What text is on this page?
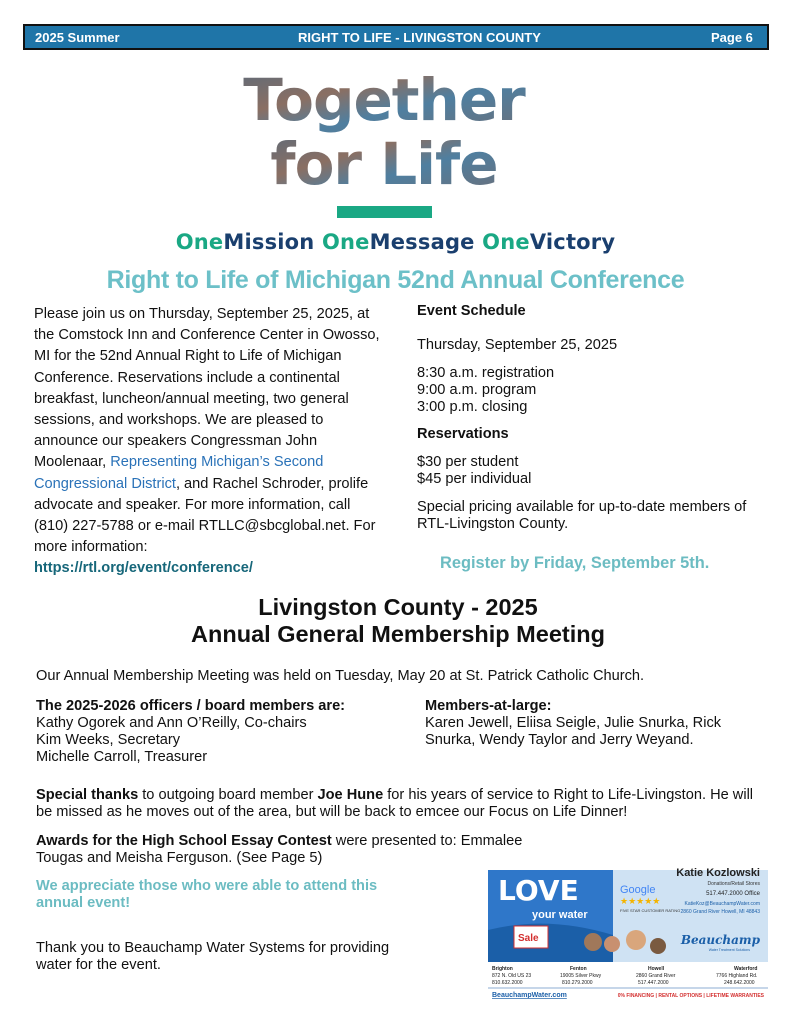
2025 Summer	RIGHT TO LIFE - LIVINGSTON COUNTY	Page 6
Together
for Life
OneMission OneMessage OneVictory
Right to Life of Michigan 52nd Annual Conference
Please join us on Thursday, September 25, 2025, at the Comstock Inn and Conference Center in Owosso, MI for the 52nd Annual Right to Life of Michigan Conference. Reservations include a continental breakfast, luncheon/annual meeting, two general sessions, and workshops. We are pleased to announce our speakers Congressman John Moolenaar, Representing Michigan’s Second Congressional District, and Rachel Schroder, prolife advocate and speaker. For more information, call (810) 227-5788 or e-mail RTLLC@sbcglobal.net. For more information:
https://rtl.org/event/conference/
Event Schedule
Thursday, September 25, 2025
8:30 a.m. registration
9:00 a.m. program
3:00 p.m. closing
Reservations
$30 per student
$45 per individual
Special pricing available for up-to-date members of RTL-Livingston County.
Register by Friday, September 5th.
Livingston County - 2025
Annual General Membership Meeting
Our Annual Membership Meeting was held on Tuesday, May 20 at St. Patrick Catholic Church.
The 2025-2026 officers / board members are:
Kathy Ogorek and Ann O’Reilly, Co-chairs
Kim Weeks, Secretary
Michelle Carroll, Treasurer
Members-at-large:
Karen Jewell, Eliisa Seigle, Julie Snurka, Rick Snurka, Wendy Taylor and Jerry Weyand.
Special thanks to outgoing board member Joe Hune for his years of service to Right to Life-Livingston. He will be missed as he moves out of the area, but will be back to emcee our Focus on Life Dinner!
Awards for the High School Essay Contest were presented to: Emmalee Tougas and Meisha Ferguson. (See Page 5)
We appreciate those who were able to attend this annual event!
Thank you to Beauchamp Water Systems for providing water for the event.
LOVE
your water
Sale
Google
★★★★★
FIVE STAR CUSTOMER RATING
Katie Kozlowski
Donations/Retail Stores
517.447.2000 Office
KatieKoz@BeauchampWater.com
2860 Grand River Howell, MI 48843
Beauchamp
Water Treatment Solutions
Brighton
872 N. Old US 23
810.632.2000
Fenton
19005 Silver Pkwy
810.279.2000
Howell
2860 Grand River
517.447.2000
Waterford
7766 Highland Rd.
248.642.2000
BeauchampWater.com	0% FINANCING | RENTAL OPTIONS | LIFETIME WARRANTIES
